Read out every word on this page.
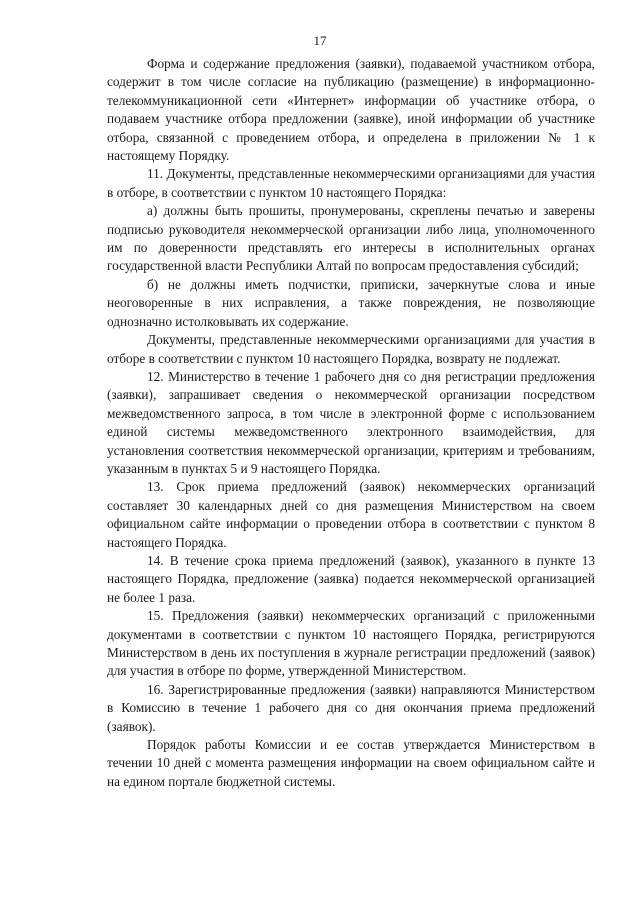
17

Форма и содержание предложения (заявки), подаваемой участником отбора, содержит в том числе согласие на публикацию (размещение) в информационно-телекоммуникационной сети «Интернет» информации об участнике отбора, о подаваем участнике отбора предложении (заявке), иной информации об участнике отбора, связанной с проведением отбора, и определена в приложении № 1 к настоящему Порядку.

11. Документы, представленные некоммерческими организациями для участия в отборе, в соответствии с пунктом 10 настоящего Порядка:

а) должны быть прошиты, пронумерованы, скреплены печатью и заверены подписью руководителя некоммерческой организации либо лица, уполномоченного им по доверенности представлять его интересы в исполнительных органах государственной власти Республики Алтай по вопросам предоставления субсидий;

б) не должны иметь подчистки, приписки, зачеркнутые слова и иные неоговоренные в них исправления, а также повреждения, не позволяющие однозначно истолковывать их содержание.

Документы, представленные некоммерческими организациями для участия в отборе в соответствии с пунктом 10 настоящего Порядка, возврату не подлежат.

12. Министерство в течение 1 рабочего дня со дня регистрации предложения (заявки), запрашивает сведения о некоммерческой организации посредством межведомственного запроса, в том числе в электронной форме с использованием единой системы межведомственного электронного взаимодействия, для установления соответствия некоммерческой организации, критериям и требованиям, указанным в пунктах 5 и 9 настоящего Порядка.

13. Срок приема предложений (заявок) некоммерческих организаций составляет 30 календарных дней со дня размещения Министерством на своем официальном сайте информации о проведении отбора в соответствии с пунктом 8 настоящего Порядка.

14. В течение срока приема предложений (заявок), указанного в пункте 13 настоящего Порядка, предложение (заявка) подается некоммерческой организацией не более 1 раза.

15. Предложения (заявки) некоммерческих организаций с приложенными документами в соответствии с пунктом 10 настоящего Порядка, регистрируются Министерством в день их поступления в журнале регистрации предложений (заявок) для участия в отборе по форме, утвержденной Министерством.

16. Зарегистрированные предложения (заявки) направляются Министерством в Комиссию в течение 1 рабочего дня со дня окончания приема предложений (заявок).

Порядок работы Комиссии и ее состав утверждается Министерством в течении 10 дней с момента размещения информации на своем официальном сайте и на едином портале бюджетной системы.
